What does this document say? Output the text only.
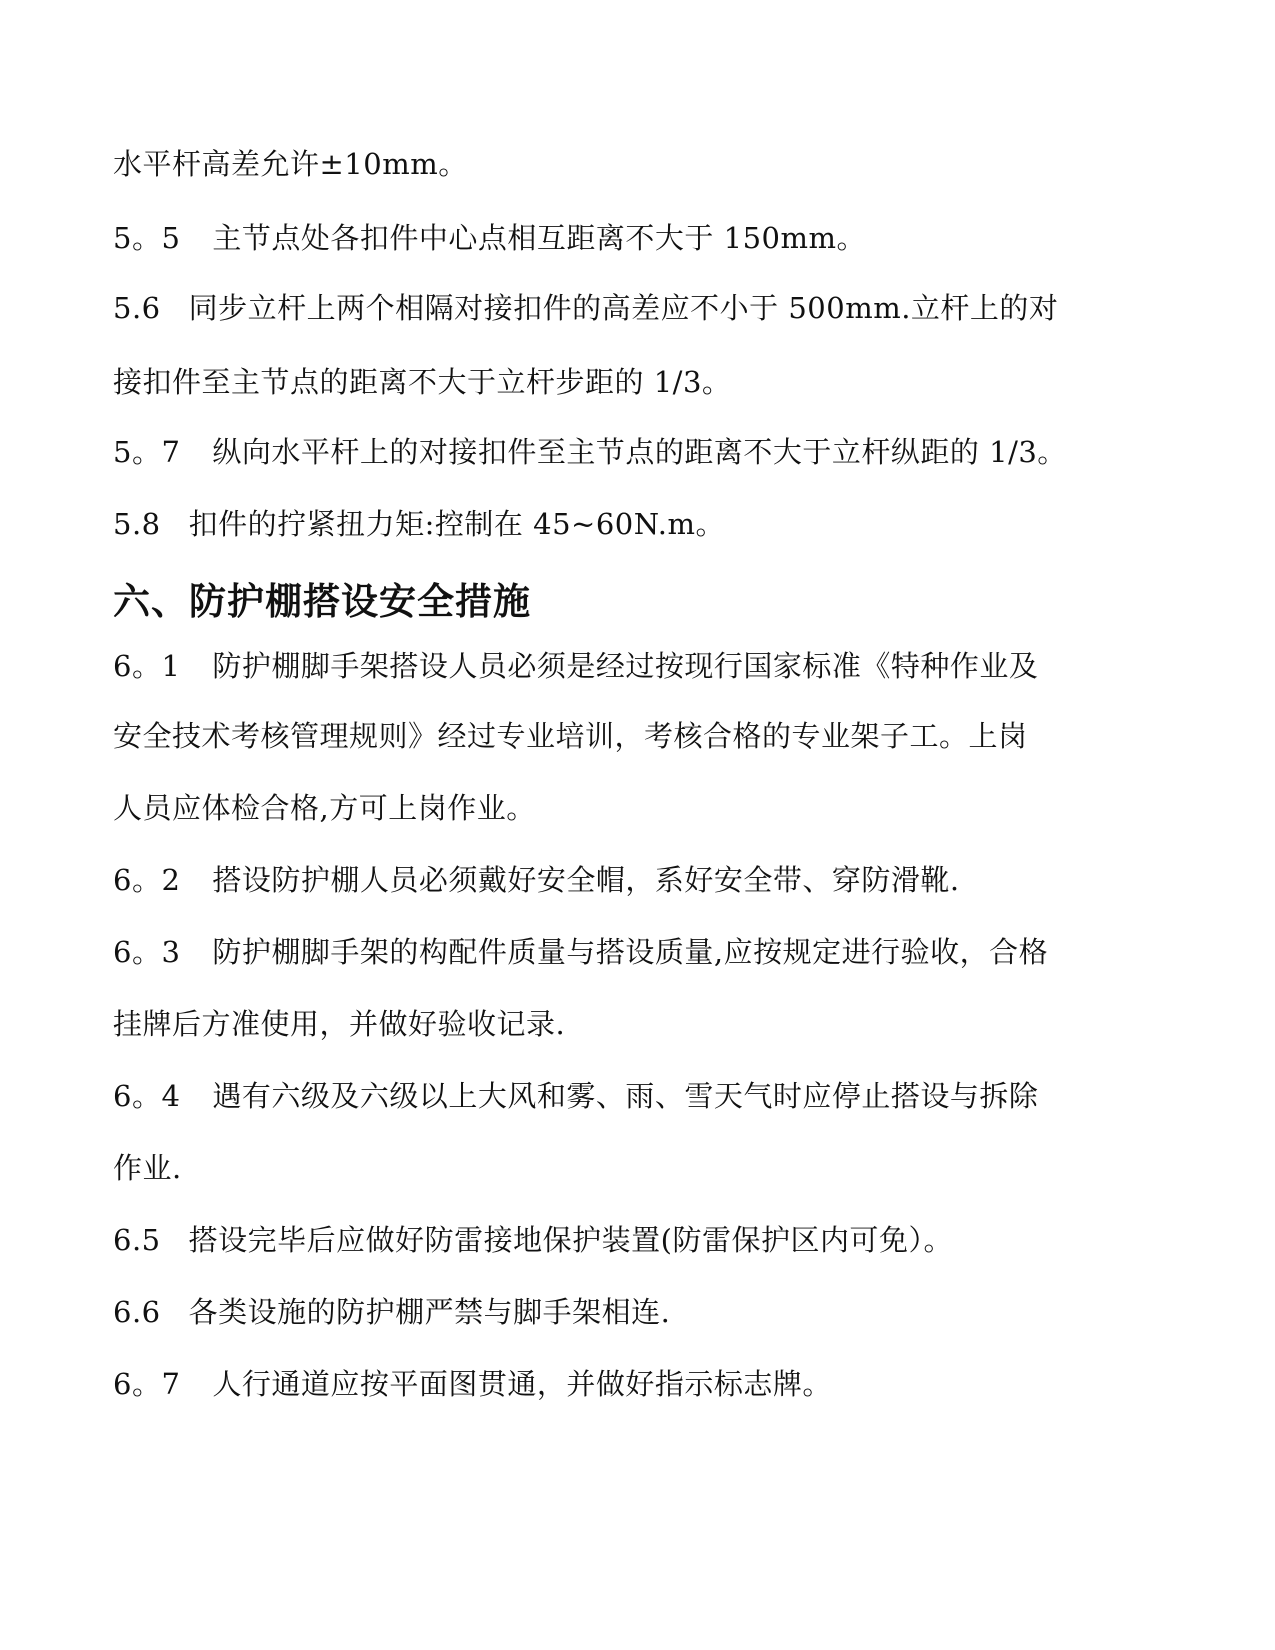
水平杆高差允许±10mm。
5。5 主节点处各扣件中心点相互距离不大于 150mm。
5.6 同步立杆上两个相隔对接扣件的高差应不小于 500mm.立杆上的对
接扣件至主节点的距离不大于立杆步距的 1/3。
5。7 纵向水平杆上的对接扣件至主节点的距离不大于立杆纵距的 1/3。
5.8 扣件的拧紧扭力矩:控制在 45~60N.m。
六、防护棚搭设安全措施
6。1 防护棚脚手架搭设人员必须是经过按现行国家标准《特种作业及
安全技术考核管理规则》经过专业培训，考核合格的专业架子工。上岗
人员应体检合格,方可上岗作业。
6。2 搭设防护棚人员必须戴好安全帽，系好安全带、穿防滑靴.
6。3 防护棚脚手架的构配件质量与搭设质量,应按规定进行验收，合格
挂牌后方准使用，并做好验收记录.
6。4 遇有六级及六级以上大风和雾、雨、雪天气时应停止搭设与拆除
作业.
6.5 搭设完毕后应做好防雷接地保护装置(防雷保护区内可免）。
6.6 各类设施的防护棚严禁与脚手架相连.
6。7 人行通道应按平面图贯通，并做好指示标志牌。
